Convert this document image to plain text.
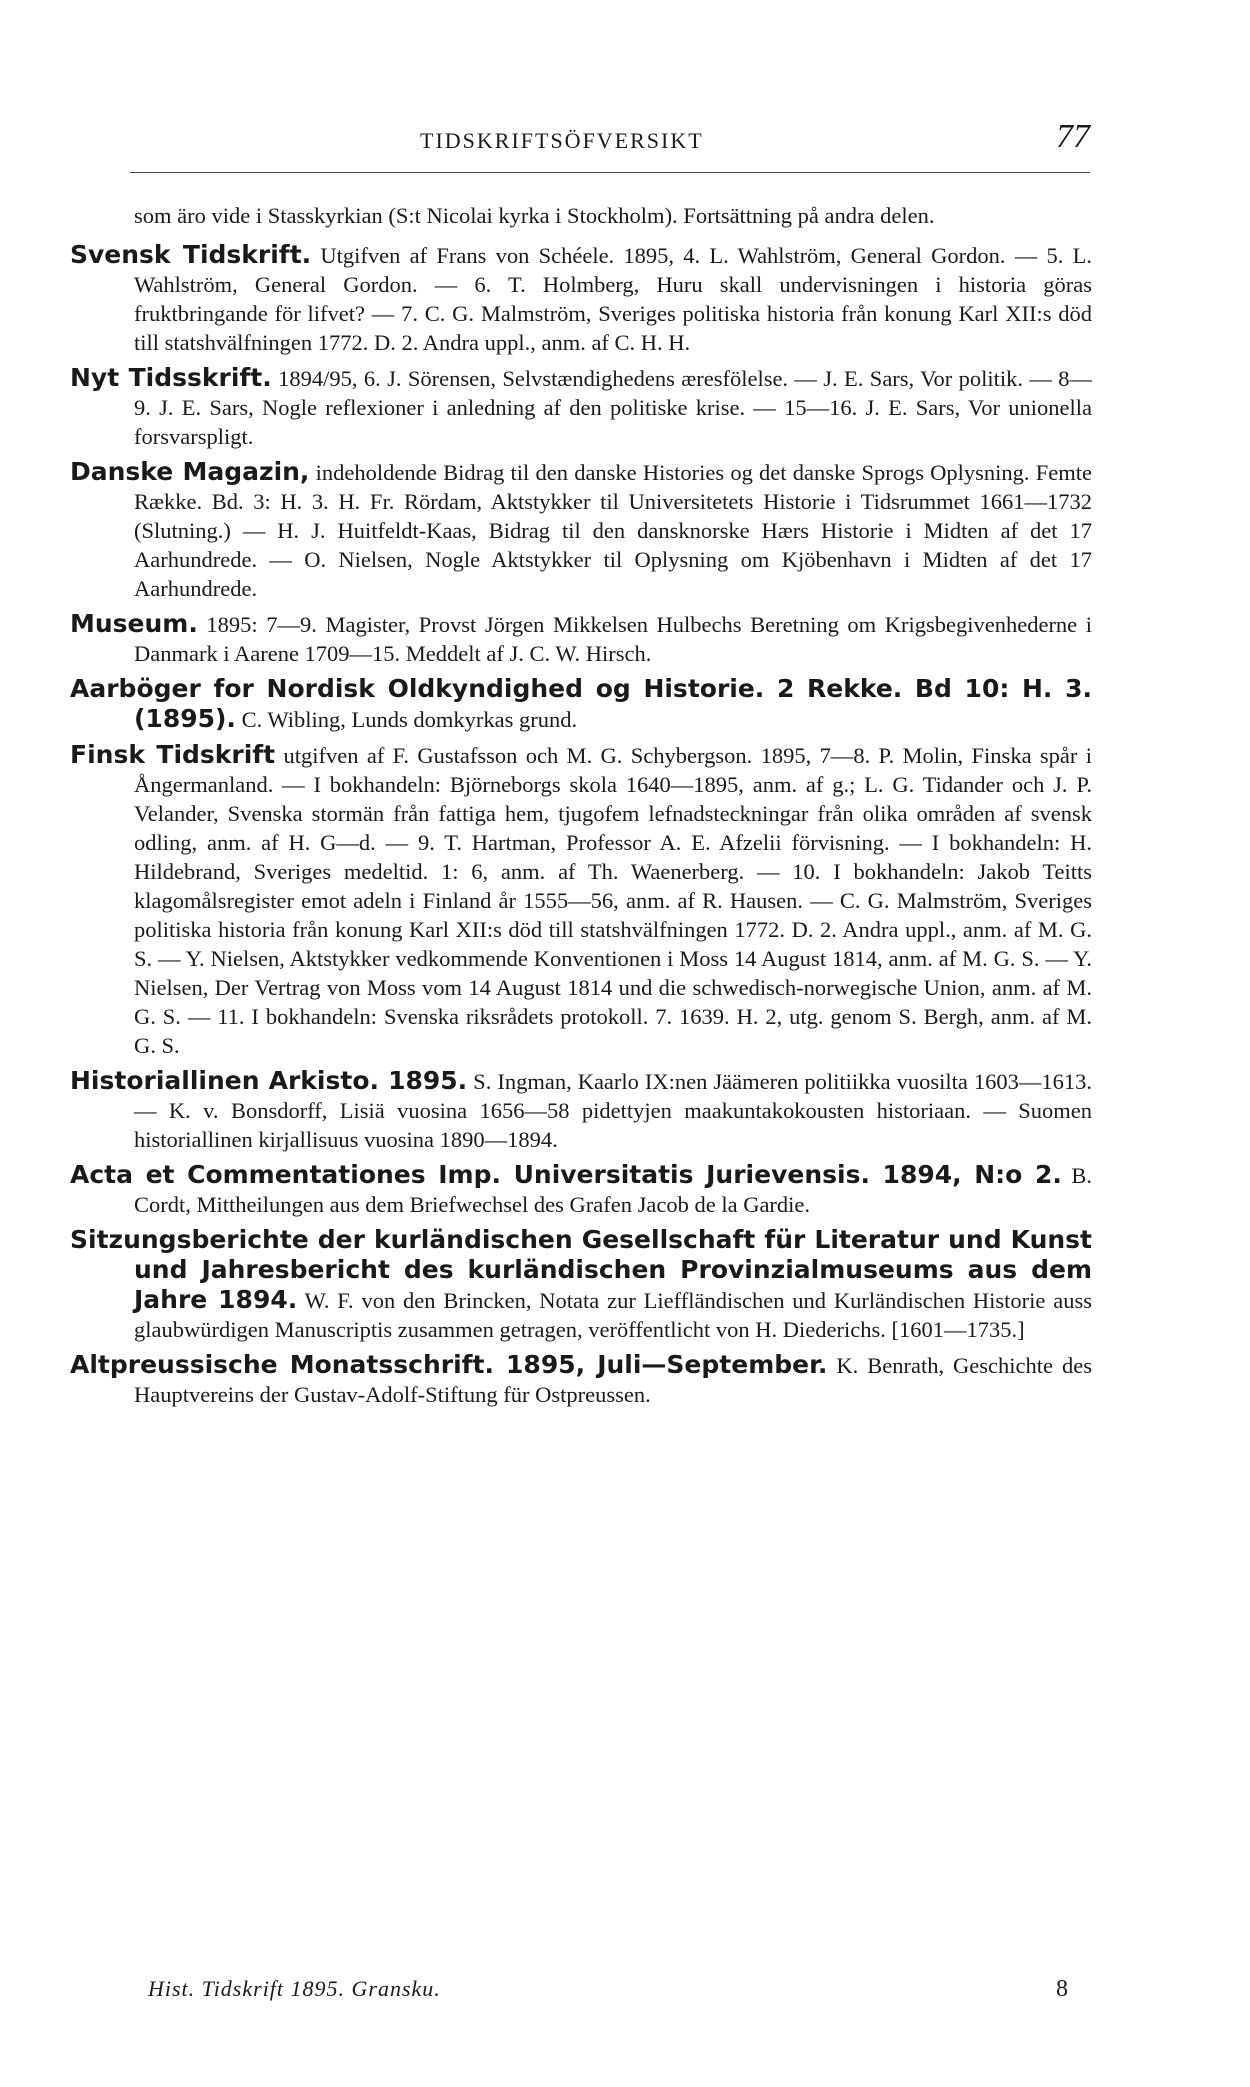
TIDSKRIFTSÖFVERSIKT	77

som äro vide i Stasskyrkian (S:t Nicolai kyrka i Stockholm). Fortsättning på andra delen.

Svensk Tidskrift. Utgifven af Frans von Schéele. 1895, 4. L. Wahlström, General Gordon. — 5. L. Wahlström, General Gordon. — 6. T. Holmberg, Huru skall undervisningen i historia göras fruktbringande för lifvet? — 7. C. G. Malmström, Sveriges politiska historia från konung Karl XII:s död till statshvälfningen 1772. D. 2. Andra uppl., anm. af C. H. H.

Nyt Tidsskrift. 1894/95, 6. J. Sörensen, Selvstændighedens æresfölelse. — J. E. Sars, Vor politik. — 8—9. J. E. Sars, Nogle reflexioner i anledning af den politiske krise. — 15—16. J. E. Sars, Vor unionella forsvarspligt.

Danske Magazin, indeholdende Bidrag til den danske Histories og det danske Sprogs Oplysning. Femte Række. Bd. 3: H. 3. H. Fr. Rördam, Aktstykker til Universitetets Historie i Tidsrummet 1661—1732 (Slutning.) — H. J. Huitfeldt-Kaas, Bidrag til den dansknorske Hærs Historie i Midten af det 17 Aarhundrede. — O. Nielsen, Nogle Aktstykker til Oplysning om Kjöbenhavn i Midten af det 17 Aarhundrede.

Museum. 1895: 7—9. Magister, Provst Jörgen Mikkelsen Hulbechs Beretning om Krigsbegivenhederne i Danmark i Aarene 1709—15. Meddelt af J. C. W. Hirsch.

Aarböger for Nordisk Oldkyndighed og Historie. 2 Rekke. Bd 10: H. 3. (1895). C. Wibling, Lunds domkyrkas grund.

Finsk Tidskrift utgifven af F. Gustafsson och M. G. Schybergson. 1895, 7—8. P. Molin, Finska spår i Ångermanland. — I bokhandeln: Björneborgs skola 1640—1895, anm. af g.; L. G. Tidander och J. P. Velander, Svenska stormän från fattiga hem, tjugofem lefnadsteckningar från olika områden af svensk odling, anm. af H. G—d. — 9. T. Hartman, Professor A. E. Afzelii förvisning. — I bokhandeln: H. Hildebrand, Sveriges medeltid. 1: 6, anm. af Th. Waenerberg. — 10. I bokhandeln: Jakob Teitts klagomålsregister emot adeln i Finland år 1555—56, anm. af R. Hausen. — C. G. Malmström, Sveriges politiska historia från konung Karl XII:s död till statshvälfningen 1772. D. 2. Andra uppl., anm. af M. G. S. — Y. Nielsen, Aktstykker vedkommende Konventionen i Moss 14 August 1814, anm. af M. G. S. — Y. Nielsen, Der Vertrag von Moss vom 14 August 1814 und die schwedisch-norwegische Union, anm. af M. G. S. — 11. I bokhandeln: Svenska riksrådets protokoll. 7. 1639. H. 2, utg. genom S. Bergh, anm. af M. G. S.

Historiallinen Arkisto. 1895. S. Ingman, Kaarlo IX:nen Jäämeren politiikka vuosilta 1603—1613. — K. v. Bonsdorff, Lisiä vuosina 1656—58 pidettyjen maakuntakokousten historiaan. — Suomen historiallinen kirjallisuus vuosina 1890—1894.

Acta et Commentationes Imp. Universitatis Jurievensis. 1894, N:o 2. B. Cordt, Mittheilungen aus dem Briefwechsel des Grafen Jacob de la Gardie.

Sitzungsberichte der kurländischen Gesellschaft für Literatur und Kunst und Jahresbericht des kurländischen Provinzialmuseums aus dem Jahre 1894. W. F. von den Brincken, Notata zur Lieffländischen und Kurländischen Historie auss glaubwürdigen Manuscriptis zusammen getragen, veröffentlicht von H. Diederichs. [1601—1735.]

Altpreussische Monatsschrift. 1895, Juli—September. K. Benrath, Geschichte des Hauptvereins der Gustav-Adolf-Stiftung für Ostpreussen.

Hist. Tidskrift 1895. Gransku.	8
